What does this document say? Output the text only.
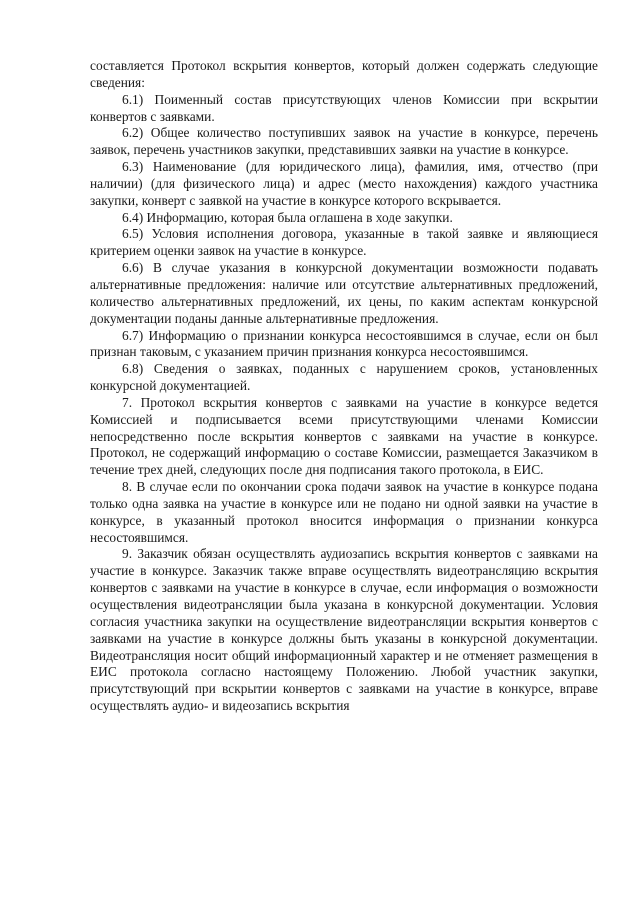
составляется Протокол вскрытия конвертов, который должен содержать следующие сведения:

6.1) Поименный состав присутствующих членов Комиссии при вскрытии конвертов с заявками.

6.2) Общее количество поступивших заявок на участие в конкурсе, перечень заявок, перечень участников закупки, представивших заявки на участие в конкурсе.

6.3) Наименование (для юридического лица), фамилия, имя, отчество (при наличии) (для физического лица) и адрес (место нахождения) каждого участника закупки, конверт с заявкой на участие в конкурсе которого вскрывается.

6.4) Информацию, которая была оглашена в ходе закупки.

6.5) Условия исполнения договора, указанные в такой заявке и являющиеся критерием оценки заявок на участие в конкурсе.

6.6) В случае указания в конкурсной документации возможности подавать альтернативные предложения: наличие или отсутствие альтернативных предложений, количество альтернативных предложений, их цены, по каким аспектам конкурсной документации поданы данные альтернативные предложения.

6.7) Информацию о признании конкурса несостоявшимся в случае, если он был признан таковым, с указанием причин признания конкурса несостоявшимся.

6.8) Сведения о заявках, поданных с нарушением сроков, установленных конкурсной документацией.

7. Протокол вскрытия конвертов с заявками на участие в конкурсе ведется Комиссией и подписывается всеми присутствующими членами Комиссии непосредственно после вскрытия конвертов с заявками на участие в конкурсе. Протокол, не содержащий информацию о составе Комиссии, размещается Заказчиком в течение трех дней, следующих после дня подписания такого протокола, в ЕИС.

8. В случае если по окончании срока подачи заявок на участие в конкурсе подана только одна заявка на участие в конкурсе или не подано ни одной заявки на участие в конкурсе, в указанный протокол вносится информация о признании конкурса несостоявшимся.

9. Заказчик обязан осуществлять аудиозапись вскрытия конвертов с заявками на участие в конкурсе. Заказчик также вправе осуществлять видеотрансляцию вскрытия конвертов с заявками на участие в конкурсе в случае, если информация о возможности осуществления видеотрансляции была указана в конкурсной документации. Условия согласия участника закупки на осуществление видеотрансляции вскрытия конвертов с заявками на участие в конкурсе должны быть указаны в конкурсной документации. Видеотрансляция носит общий информационный характер и не отменяет размещения в ЕИС протокола согласно настоящему Положению. Любой участник закупки, присутствующий при вскрытии конвертов с заявками на участие в конкурсе, вправе осуществлять аудио- и видеозапись вскрытия
